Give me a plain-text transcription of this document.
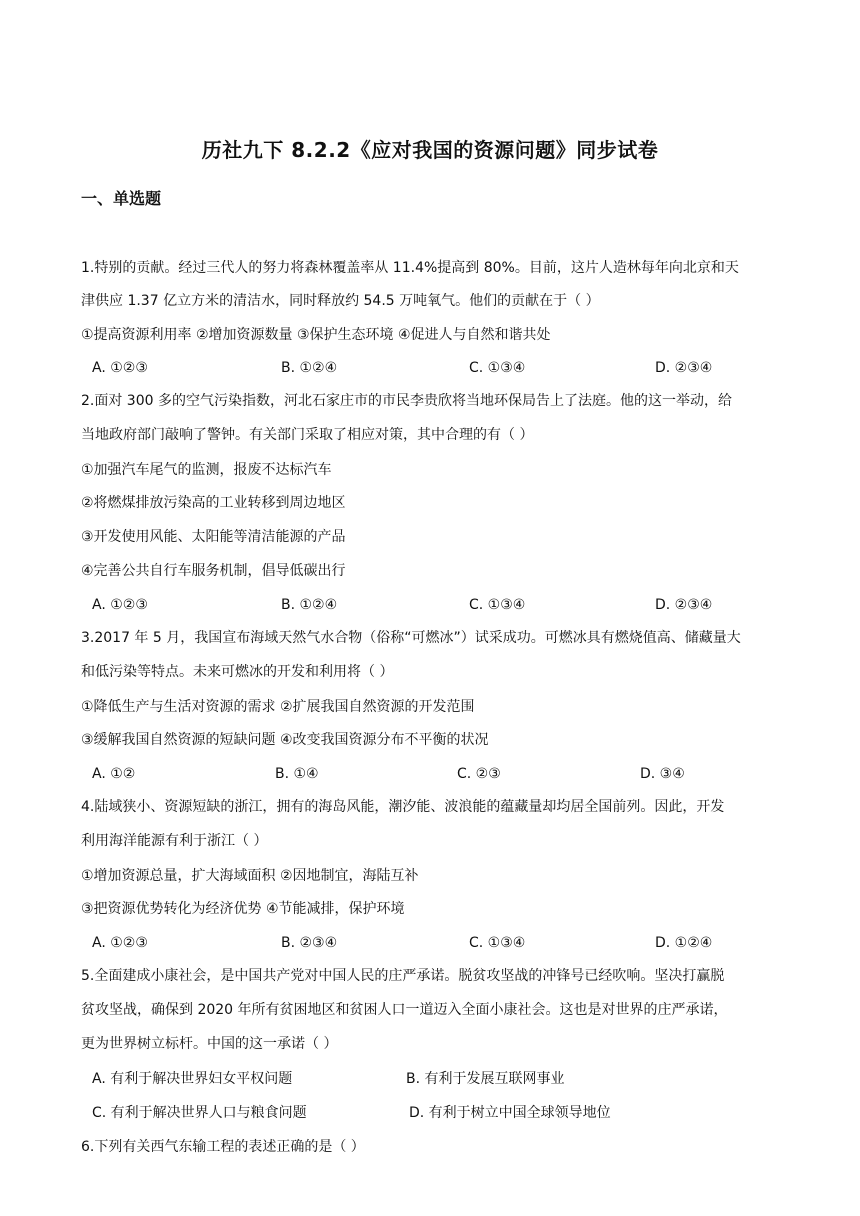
历社九下 8.2.2《应对我国的资源问题》同步试卷
一、单选题
1.特别的贡献。经过三代人的努力将森林覆盖率从 11.4%提高到 80%。目前，这片人造林每年向北京和天
津供应 1.37 亿立方米的清洁水，同时释放约 54.5 万吨氧气。他们的贡献在于（ ）
①提高资源利用率 ②增加资源数量 ③保护生态环境 ④促进人与自然和谐共处
A. ①②③	B. ①②④	C. ①③④	D. ②③④
2.面对 300 多的空气污染指数，河北石家庄市的市民李贵欣将当地环保局告上了法庭。他的这一举动，给
当地政府部门敲响了警钟。有关部门采取了相应对策，其中合理的有（ ）
①加强汽车尾气的监测，报废不达标汽车
②将燃煤排放污染高的工业转移到周边地区
③开发使用风能、太阳能等清洁能源的产品
④完善公共自行车服务机制，倡导低碳出行
A. ①②③	B. ①②④	C. ①③④	D. ②③④
3.2017 年 5 月，我国宣布海域天然气水合物（俗称“可燃冰”）试采成功。可燃冰具有燃烧值高、储藏量大
和低污染等特点。未来可燃冰的开发和利用将（ ）
①降低生产与生活对资源的需求 ②扩展我国自然资源的开发范围
③缓解我国自然资源的短缺问题 ④改变我国资源分布不平衡的状况
A. ①②	B. ①④	C. ②③	D. ③④
4.陆域狭小、资源短缺的浙江，拥有的海岛风能，潮汐能、波浪能的蕴藏量却均居全国前列。因此，开发
利用海洋能源有利于浙江（ ）
①增加资源总量，扩大海域面积 ②因地制宜，海陆互补
③把资源优势转化为经济优势 ④节能减排，保护环境
A. ①②③	B. ②③④	C. ①③④	D. ①②④
5.全面建成小康社会，是中国共产党对中国人民的庄严承诺。脱贫攻坚战的冲锋号已经吹响。坚决打赢脱
贫攻坚战，确保到 2020 年所有贫困地区和贫困人口一道迈入全面小康社会。这也是对世界的庄严承诺，
更为世界树立标杆。中国的这一承诺（ ）
A. 有利于解决世界妇女平权问题	B. 有利于发展互联网事业
C. 有利于解决世界人口与粮食问题	D. 有利于树立中国全球领导地位
6.下列有关西气东输工程的表述正确的是（ ）
